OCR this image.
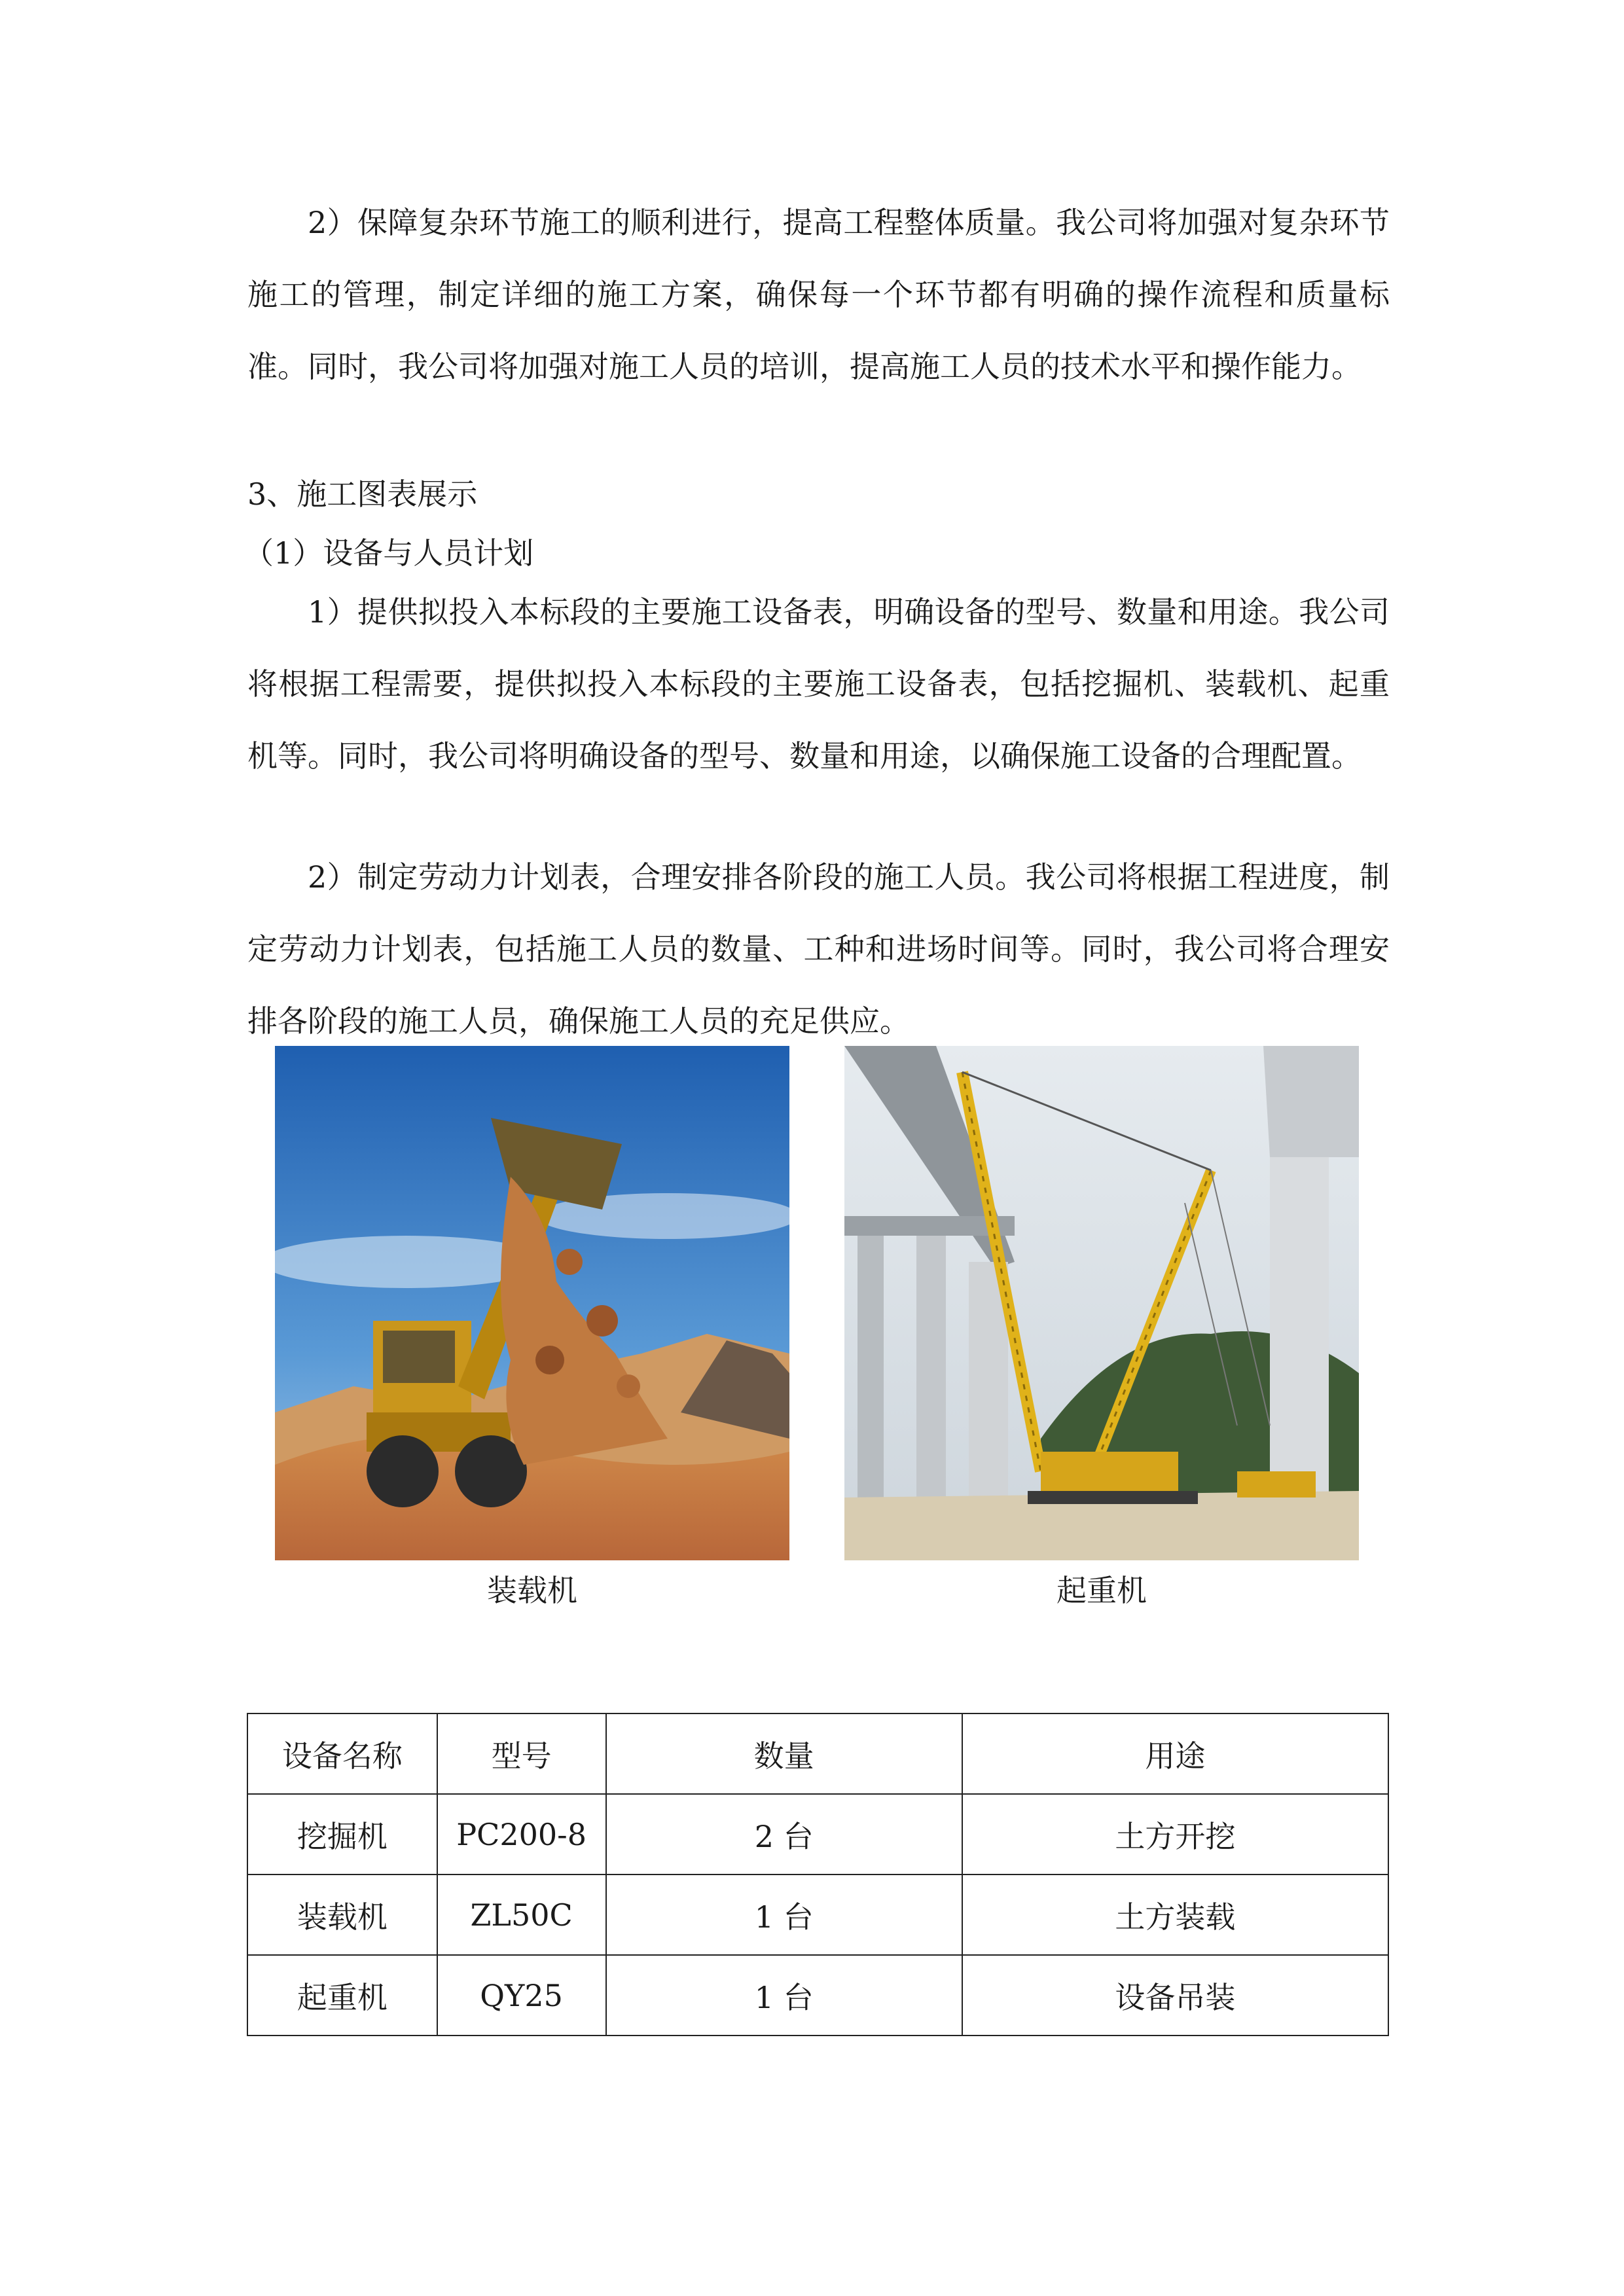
2）保障复杂环节施工的顺利进行，提高工程整体质量。我公司将加强对复杂环节施工的管理，制定详细的施工方案，确保每一个环节都有明确的操作流程和质量标准。同时，我公司将加强对施工人员的培训，提高施工人员的技术水平和操作能力。

3、施工图表展示

（1）设备与人员计划

1）提供拟投入本标段的主要施工设备表，明确设备的型号、数量和用途。我公司将根据工程需要，提供拟投入本标段的主要施工设备表，包括挖掘机、装载机、起重机等。同时，我公司将明确设备的型号、数量和用途，以确保施工设备的合理配置。

2）制定劳动力计划表，合理安排各阶段的施工人员。我公司将根据工程进度，制定劳动力计划表，包括施工人员的数量、工种和进场时间等。同时，我公司将合理安排各阶段的施工人员，确保施工人员的充足供应。

装载机	起重机
设备名称	型号	数量	用途
挖掘机	PC200-8	2 台	土方开挖
装载机	ZL50C	1 台	土方装载
起重机	QY25	1 台	设备吊装
